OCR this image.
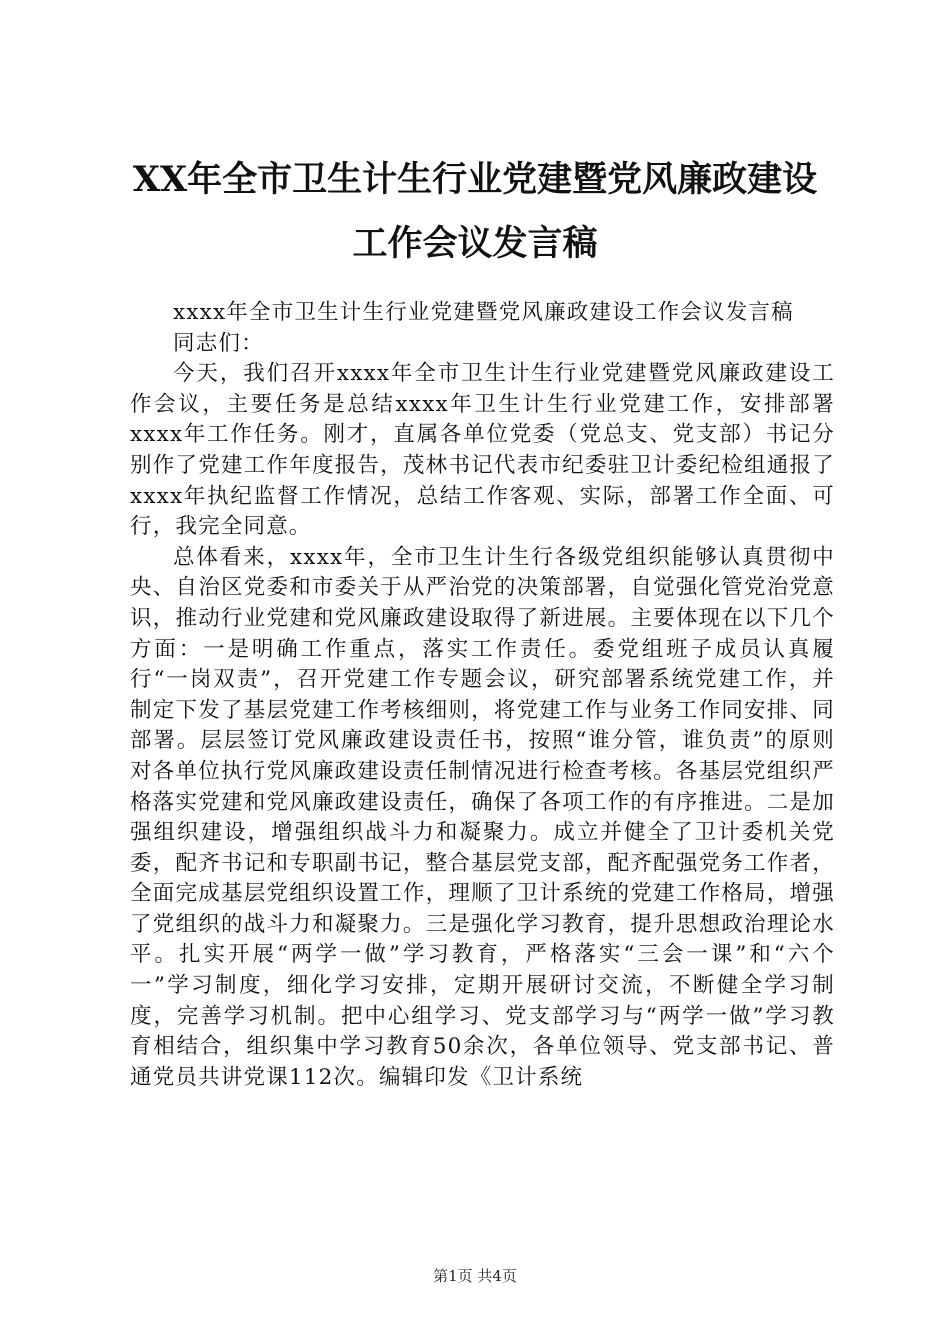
XX年全市卫生计生行业党建暨党风廉政建设
工作会议发言稿

xxxx年全市卫生计生行业党建暨党风廉政建设工作会议发言稿

同志们：

今天，我们召开xxxx年全市卫生计生行业党建暨党风廉政建设工作会议，主要任务是总结xxxx年卫生计生行业党建工作，安排部署xxxx年工作任务。刚才，直属各单位党委（党总支、党支部）书记分别作了党建工作年度报告，茂林书记代表市纪委驻卫计委纪检组通报了xxxx年执纪监督工作情况，总结工作客观、实际，部署工作全面、可行，我完全同意。

总体看来，xxxx年，全市卫生计生行各级党组织能够认真贯彻中央、自治区党委和市委关于从严治党的决策部署，自觉强化管党治党意识，推动行业党建和党风廉政建设取得了新进展。主要体现在以下几个方面：一是明确工作重点，落实工作责任。委党组班子成员认真履行“一岗双责”，召开党建工作专题会议，研究部署系统党建工作，并制定下发了基层党建工作考核细则，将党建工作与业务工作同安排、同部署。层层签订党风廉政建设责任书，按照“谁分管，谁负责”的原则对各单位执行党风廉政建设责任制情况进行检查考核。各基层党组织严格落实党建和党风廉政建设责任，确保了各项工作的有序推进。二是加强组织建设，增强组织战斗力和凝聚力。成立并健全了卫计委机关党委，配齐书记和专职副书记，整合基层党支部，配齐配强党务工作者，全面完成基层党组织设置工作，理顺了卫计系统的党建工作格局，增强了党组织的战斗力和凝聚力。三是强化学习教育，提升思想政治理论水平。扎实开展“两学一做”学习教育，严格落实“三会一课”和“六个一”学习制度，细化学习安排，定期开展研讨交流，不断健全学习制度，完善学习机制。把中心组学习、党支部学习与“两学一做”学习教育相结合，组织集中学习教育50余次，各单位领导、党支部书记、普通党员共讲党课112次。编辑印发《卫计系统

第1页 共4页
